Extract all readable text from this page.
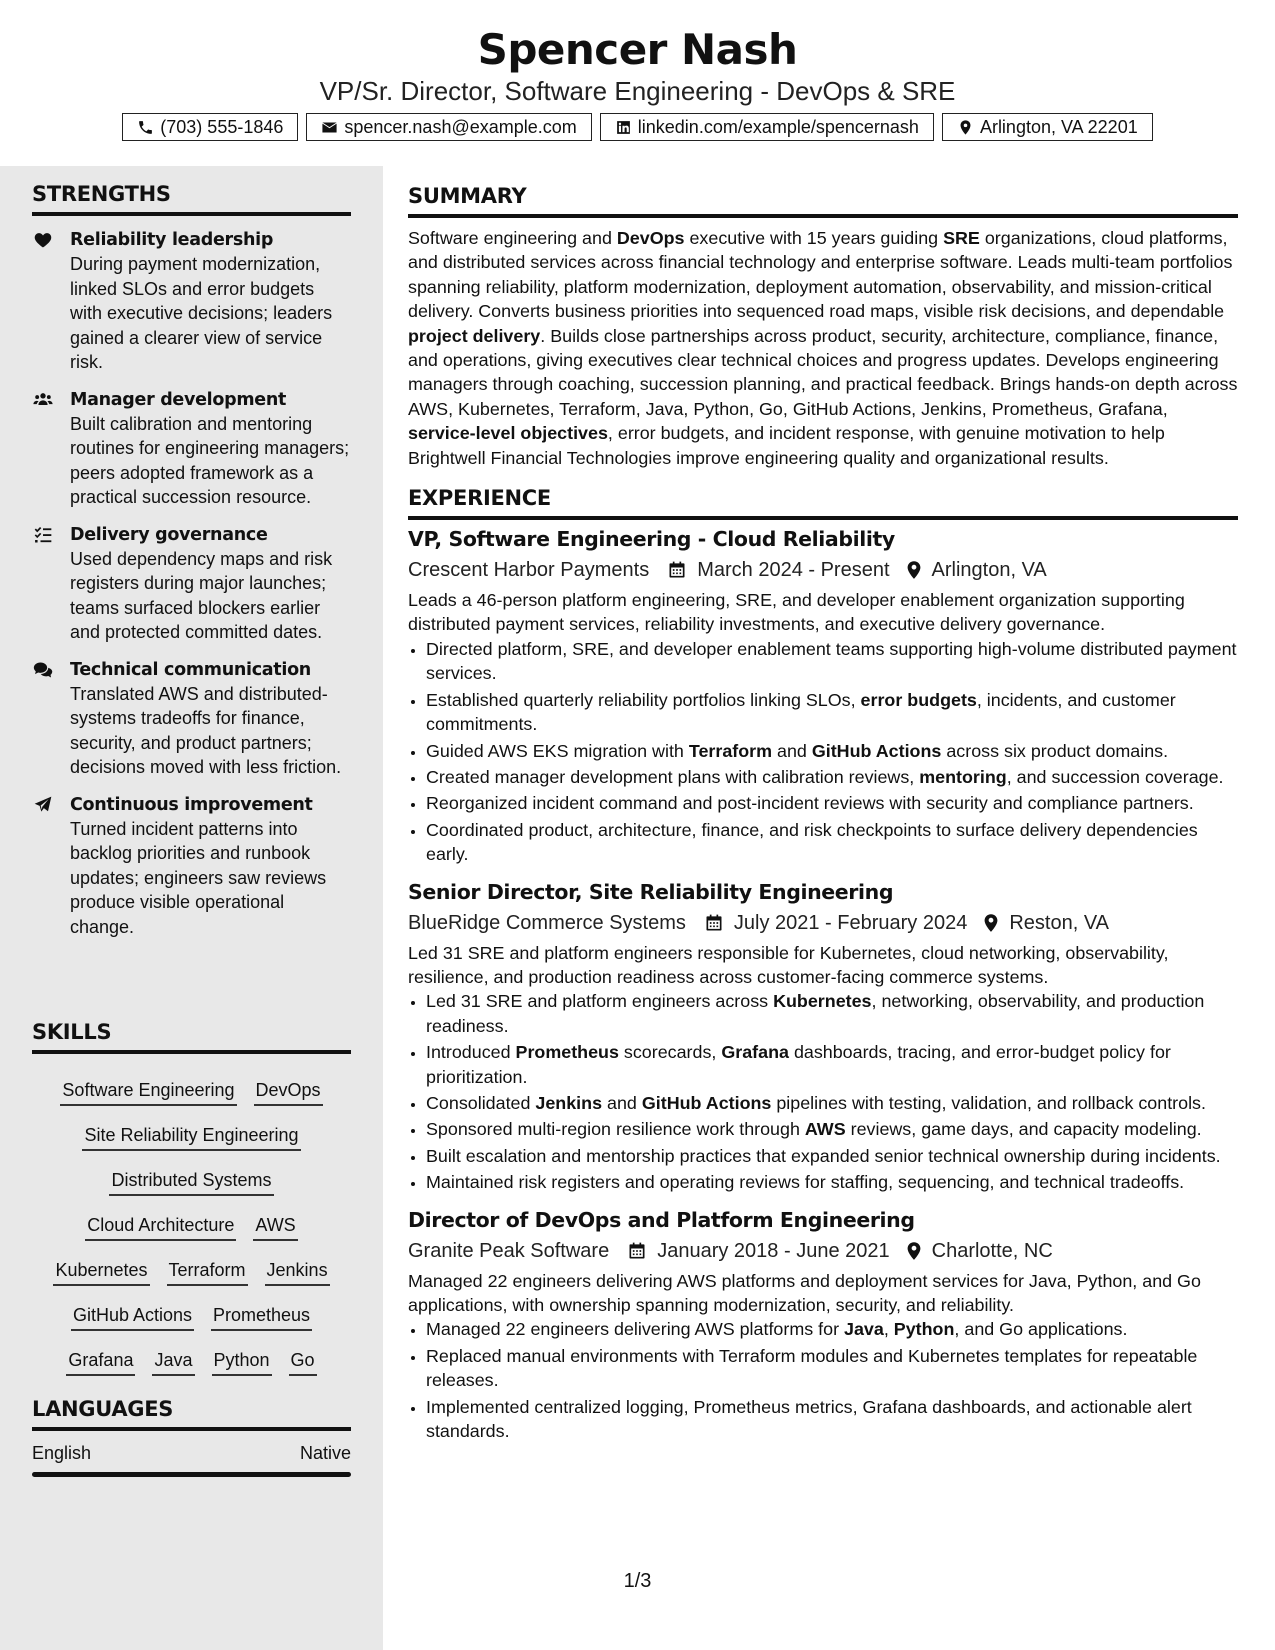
Spencer Nash
VP/Sr. Director, Software Engineering - DevOps & SRE
(703) 555-1846	spencer.nash@example.com	linkedin.com/example/spencernash	Arlington, VA 22201
STRENGTHS
Reliability leadership
During payment modernization, linked SLOs and error budgets with executive decisions; leaders gained a clearer view of service risk.
Manager development
Built calibration and mentoring routines for engineering managers; peers adopted framework as a practical succession resource.
Delivery governance
Used dependency maps and risk registers during major launches; teams surfaced blockers earlier and protected committed dates.
Technical communication
Translated AWS and distributed-systems tradeoffs for finance, security, and product partners; decisions moved with less friction.
Continuous improvement
Turned incident patterns into backlog priorities and runbook updates; engineers saw reviews produce visible operational change.
SKILLS
Software Engineering DevOps
Site Reliability Engineering
Distributed Systems
Cloud Architecture AWS
Kubernetes Terraform Jenkins
GitHub Actions Prometheus
Grafana Java Python Go
LANGUAGES
English	Native
SUMMARY

Software engineering and DevOps executive with 15 years guiding SRE organizations, cloud platforms, and distributed services across financial technology and enterprise software. Leads multi-team portfolios spanning reliability, platform modernization, deployment automation, observability, and mission-critical delivery. Converts business priorities into sequenced road maps, visible risk decisions, and dependable project delivery. Builds close partnerships across product, security, architecture, compliance, finance, and operations, giving executives clear technical choices and progress updates. Develops engineering managers through coaching, succession planning, and practical feedback. Brings hands-on depth across AWS, Kubernetes, Terraform, Java, Python, Go, GitHub Actions, Jenkins, Prometheus, Grafana, service-level objectives, error budgets, and incident response, with genuine motivation to help Brightwell Financial Technologies improve engineering quality and organizational results.

EXPERIENCE
VP, Software Engineering - Cloud Reliability
Crescent Harbor Payments March 2024 - Present Arlington, VA

Leads a 46-person platform engineering, SRE, and developer enablement organization supporting distributed payment services, reliability investments, and executive delivery governance.

• Directed platform, SRE, and developer enablement teams supporting high-volume distributed payment services.
• Established quarterly reliability portfolios linking SLOs, error budgets, incidents, and customer commitments.
• Guided AWS EKS migration with Terraform and GitHub Actions across six product domains.
• Created manager development plans with calibration reviews, mentoring, and succession coverage.
• Reorganized incident command and post-incident reviews with security and compliance partners.
• Coordinated product, architecture, finance, and risk checkpoints to surface delivery dependencies early.
Senior Director, Site Reliability Engineering
BlueRidge Commerce Systems July 2021 - February 2024 Reston, VA

Led 31 SRE and platform engineers responsible for Kubernetes, cloud networking, observability, resilience, and production readiness across customer-facing commerce systems.

• Led 31 SRE and platform engineers across Kubernetes, networking, observability, and production readiness.
• Introduced Prometheus scorecards, Grafana dashboards, tracing, and error-budget policy for prioritization.
• Consolidated Jenkins and GitHub Actions pipelines with testing, validation, and rollback controls.
• Sponsored multi-region resilience work through AWS reviews, game days, and capacity modeling.
• Built escalation and mentorship practices that expanded senior technical ownership during incidents.
• Maintained risk registers and operating reviews for staffing, sequencing, and technical tradeoffs.
Director of DevOps and Platform Engineering
Granite Peak Software January 2018 - June 2021 Charlotte, NC

Managed 22 engineers delivering AWS platforms and deployment services for Java, Python, and Go applications, with ownership spanning modernization, security, and reliability.

• Managed 22 engineers delivering AWS platforms for Java, Python, and Go applications.
• Replaced manual environments with Terraform modules and Kubernetes templates for repeatable releases.
• Implemented centralized logging, Prometheus metrics, Grafana dashboards, and actionable alert standards.
1/3
